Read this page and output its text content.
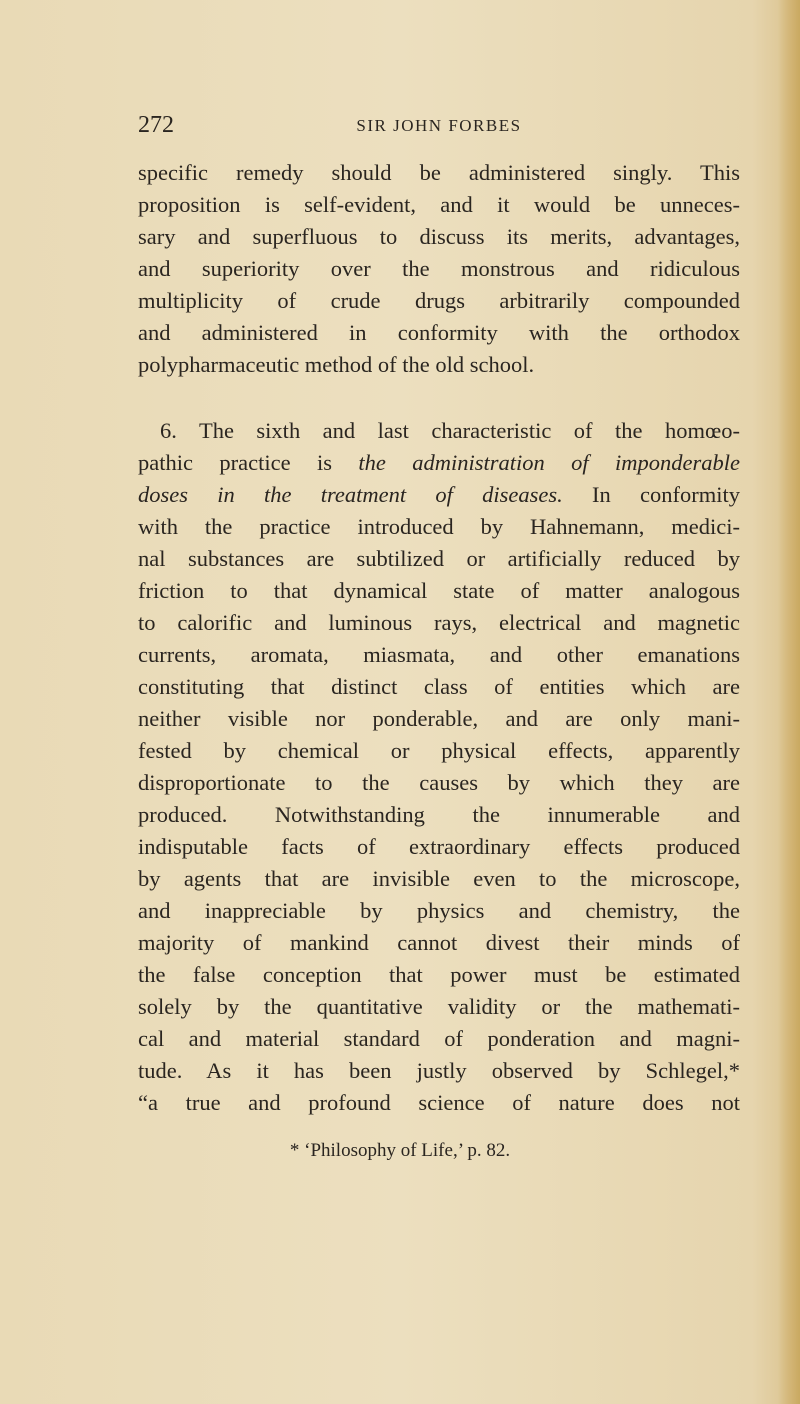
272	SIR JOHN FORBES
specific remedy should be administered singly. This
proposition is self-evident, and it would be unneces-
sary and superfluous to discuss its merits, advantages,
and superiority over the monstrous and ridiculous
multiplicity of crude drugs arbitrarily compounded
and administered in conformity with the orthodox
polypharmaceutic method of the old school.
with the practice introduced by Hahnemann, medici-
nal substances are subtilized or artificially reduced by
friction to that dynamical state of matter analogous
to calorific and luminous rays, electrical and magnetic
currents, aromata, miasmata, and other emanations
constituting that distinct class of entities which are
neither visible nor ponderable, and are only mani-
fested by chemical or physical effects, apparently
disproportionate to the causes by which they are
produced. Notwithstanding the innumerable and
indisputable facts of extraordinary effects produced
by agents that are invisible even to the microscope,
and inappreciable by physics and chemistry, the
majority of mankind cannot divest their minds of
the false conception that power must be estimated
solely by the quantitative validity or the mathemati-
cal and material standard of ponderation and magni-
tude. As it has been justly observed by Schlegel,*
“a true and profound science of nature does not
6. The sixth and last characteristic of the homœo-
pathic practice is the administration of imponderable
doses in the treatment of diseases. In conformity
* ‘Philosophy of Life,’ p. 82.
